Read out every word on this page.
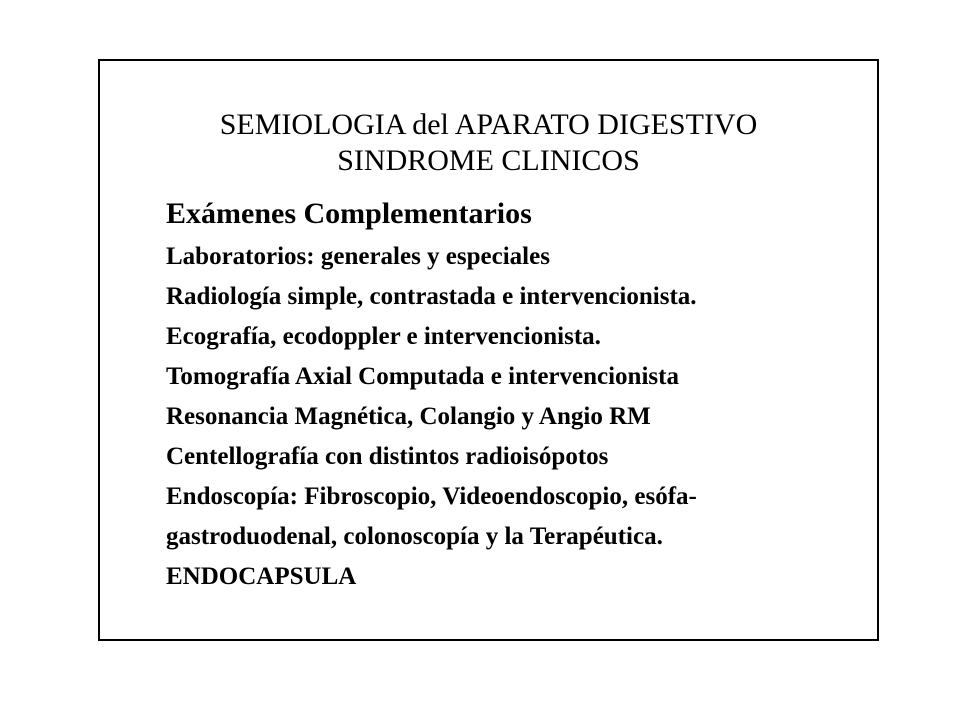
SEMIOLOGIA del APARATO DIGESTIVO
SINDROME CLINICOS
Exámenes Complementarios
Laboratorios: generales y especiales
Radiología simple, contrastada e intervencionista.
Ecografía, ecodoppler e intervencionista.
Tomografía Axial Computada e intervencionista
Resonancia Magnética, Colangio y Angio RM
Centellografía con distintos radioisópotos
Endoscopía: Fibroscopio, Videoendoscopio, esófa-
gastroduodenal, colonoscopía y la Terapéutica.
ENDOCAPSULA
